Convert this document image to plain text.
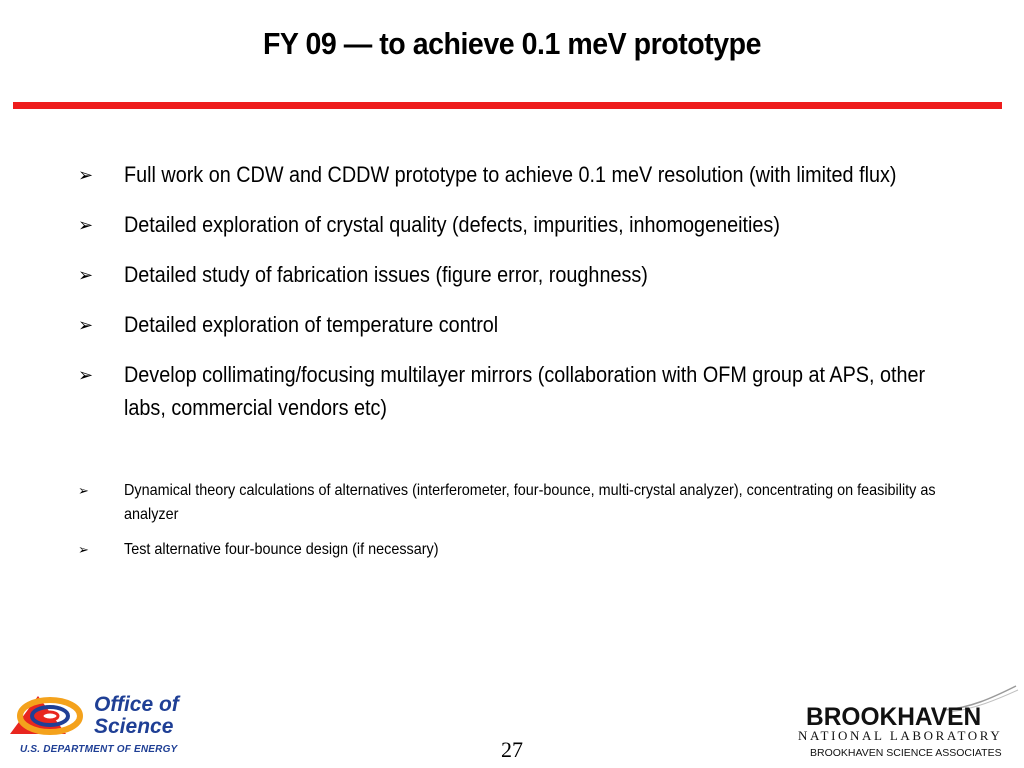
FY 09 — to achieve 0.1 meV prototype
➢ Full work on CDW and CDDW prototype to achieve 0.1 meV resolution (with limited flux)
➢ Detailed exploration of crystal quality (defects, impurities, inhomogeneities)
➢ Detailed study of fabrication issues (figure error, roughness)
➢ Detailed exploration of temperature control
➢ Develop collimating/focusing multilayer mirrors (collaboration with OFM group at APS, other labs, commercial vendors etc)
➢ Dynamical theory calculations of alternatives (interferometer, four-bounce, multi-crystal analyzer), concentrating on feasibility as analyzer
➢ Test alternative four-bounce design (if necessary)
Office of Science
U.S. DEPARTMENT OF ENERGY	27
BROOKHAVEN
NATIONAL LABORATORY
BROOKHAVEN SCIENCE ASSOCIATES
